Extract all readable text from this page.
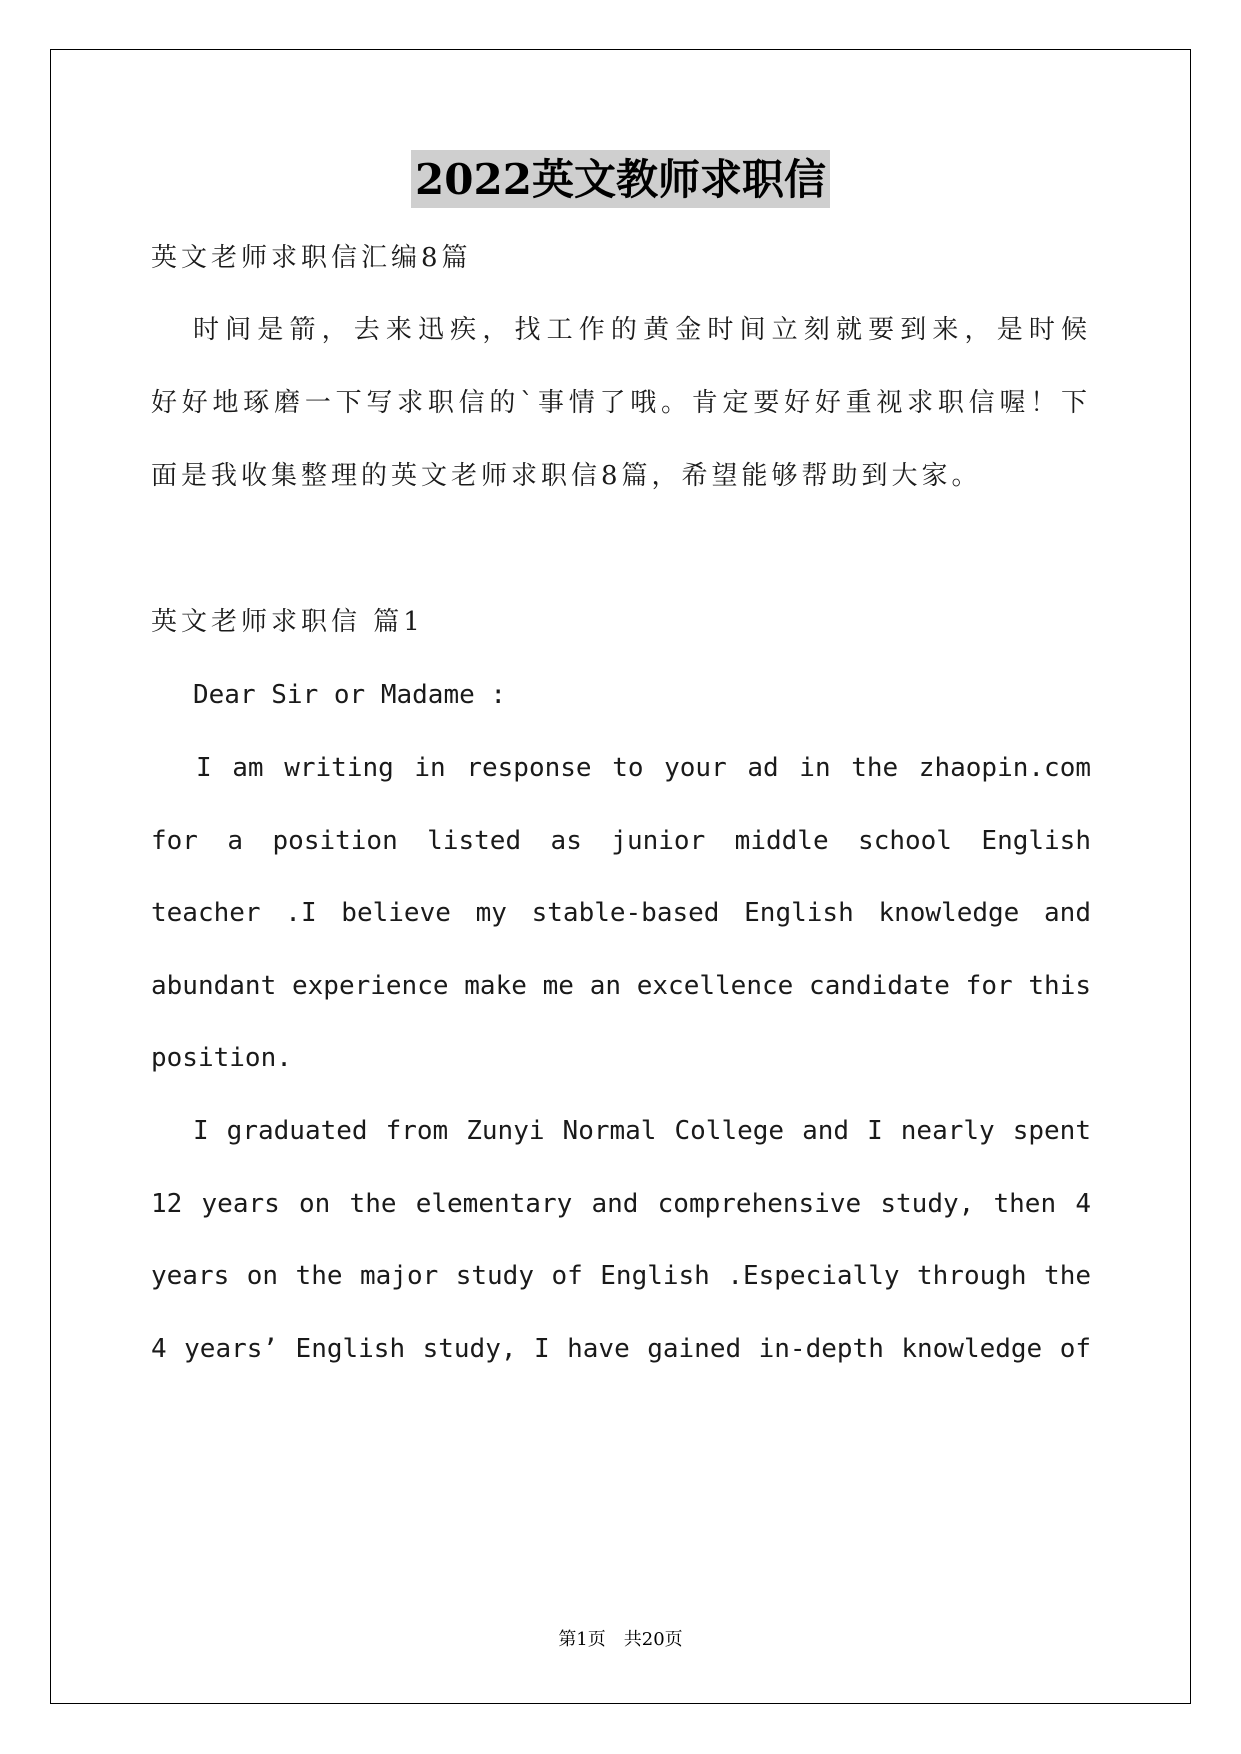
2022英文教师求职信
英文老师求职信汇编8篇
时间是箭，去来迅疾，找工作的黄金时间立刻就要到来，是时候
好好地琢磨一下写求职信的`事情了哦。肯定要好好重视求职信喔！下
面是我收集整理的英文老师求职信8篇，希望能够帮助到大家。
英文老师求职信 篇1
Dear Sir or Madame :
I am writing in response to your ad in the zhaopin.com
for a position listed as junior middle school English
teacher .I believe my stable-based English knowledge and
abundant experience make me an excellence candidate for this
position.
I graduated from Zunyi Normal College and I nearly spent
12 years on the elementary and comprehensive study, then 4
years on the major study of English .Especially through the
4 years’ English study, I have gained in-depth knowledge of
第1页　共20页
